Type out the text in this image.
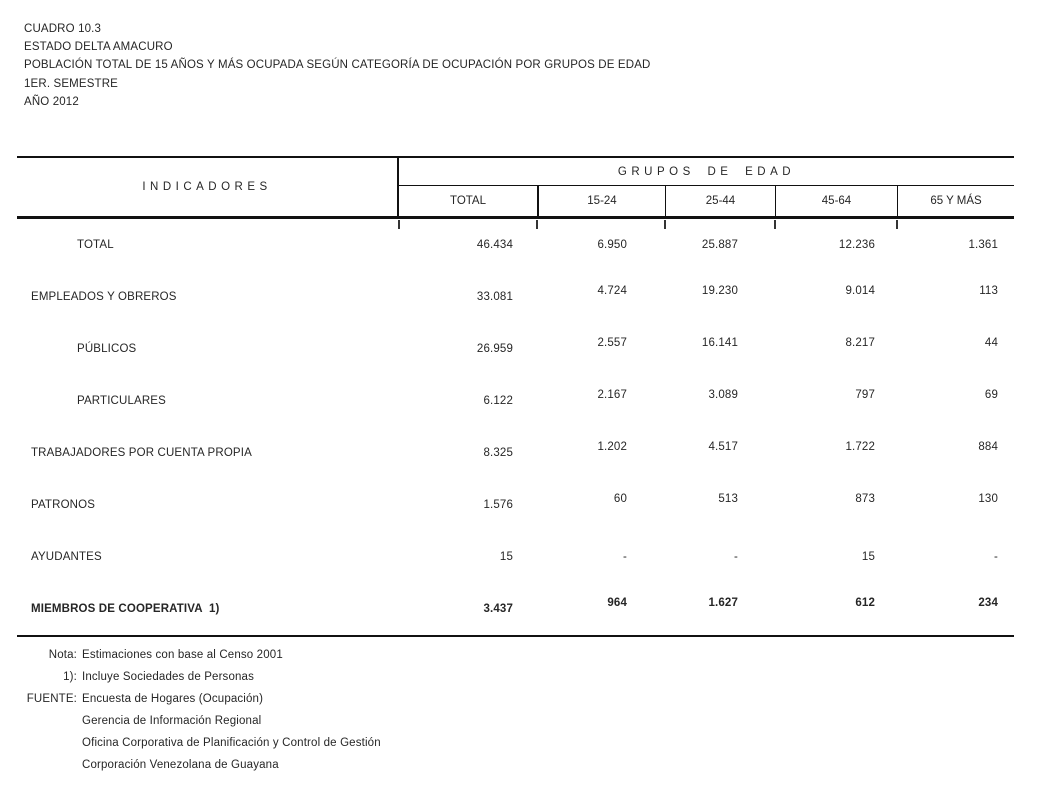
CUADRO 10.3
ESTADO DELTA AMACURO
POBLACIÓN TOTAL DE 15 AÑOS Y MÁS OCUPADA SEGÚN CATEGORÍA DE OCUPACIÓN POR GRUPOS DE EDAD
1ER. SEMESTRE
AÑO 2012
INDICADORES
GRUPOS DE EDAD
TOTAL	15-24	25-44	45-64	65 Y MÁS
TOTAL	46.434	6.950	25.887	12.236	1.361
EMPLEADOS Y OBREROS	33.081	4.724	19.230	9.014	113
PÚBLICOS	26.959	2.557	16.141	8.217	44
PARTICULARES	6.122	2.167	3.089	797	69
TRABAJADORES POR CUENTA PROPIA	8.325	1.202	4.517	1.722	884
PATRONOS	1.576	60	513	873	130
AYUDANTES	15	-	-	15	-
MIEMBROS DE COOPERATIVA  1)	3.437	964	1.627	612	234
Nota: Estimaciones con base al Censo 2001
1): Incluye Sociedades de Personas
FUENTE: Encuesta de Hogares (Ocupación)
Gerencia de Información Regional
Oficina Corporativa de Planificación y Control de Gestión
Corporación Venezolana de Guayana
